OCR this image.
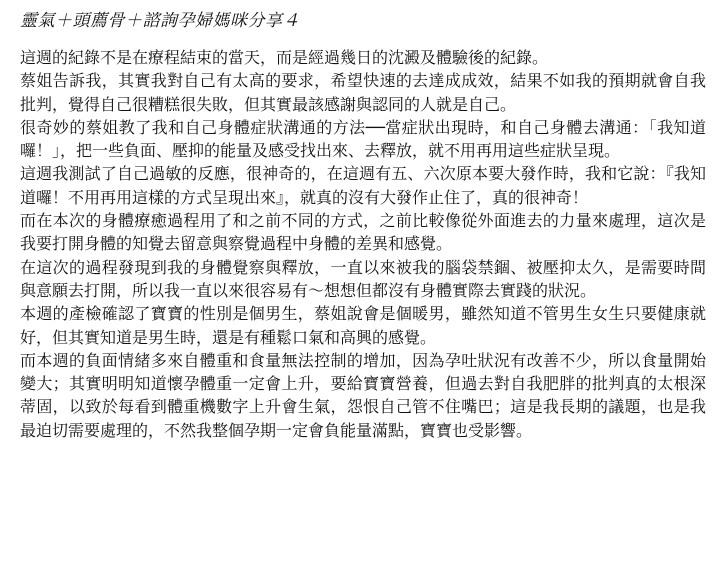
靈氣＋頭薦骨＋諮詢孕婦媽咪分享４

這週的紀錄不是在療程結束的當天，而是經過幾日的沈澱及體驗後的紀錄。

蔡姐告訴我，其實我對自己有太高的要求，希望快速的去達成成效，結果不如我的預期就會自我批判，覺得自己很糟糕很失敗，但其實最該感謝與認同的人就是自己。

很奇妙的蔡姐教了我和自己身體症狀溝通的方法──當症狀出現時，和自己身體去溝通：「我知道囉！」，把一些負面、壓抑的能量及感受找出來、去釋放，就不用再用這些症狀呈現。

這週我測試了自己過敏的反應，很神奇的，在這週有五、六次原本要大發作時，我和它說：『我知道囉！不用再用這樣的方式呈現出來』，就真的沒有大發作止住了，真的很神奇！

而在本次的身體療癒過程用了和之前不同的方式，之前比較像從外面進去的力量來處理，這次是我要打開身體的知覺去留意與察覺過程中身體的差異和感覺。

在這次的過程發現到我的身體覺察與釋放，一直以來被我的腦袋禁錮、被壓抑太久，是需要時間與意願去打開，所以我一直以來很容易有～想想但都沒有身體實際去實踐的狀況。

本週的產檢確認了寶寶的性別是個男生，蔡姐說會是個暖男，雖然知道不管男生女生只要健康就好，但其實知道是男生時，還是有種鬆口氣和高興的感覺。

而本週的負面情緒多來自體重和食量無法控制的增加，因為孕吐狀況有改善不少，所以食量開始變大；其實明明知道懷孕體重一定會上升，要給寶寶營養，但過去對自我肥胖的批判真的太根深蒂固，以致於每看到體重機數字上升會生氣，怨恨自己管不住嘴巴；這是我長期的議題，也是我最迫切需要處理的，不然我整個孕期一定會負能量滿點，寶寶也受影響。
